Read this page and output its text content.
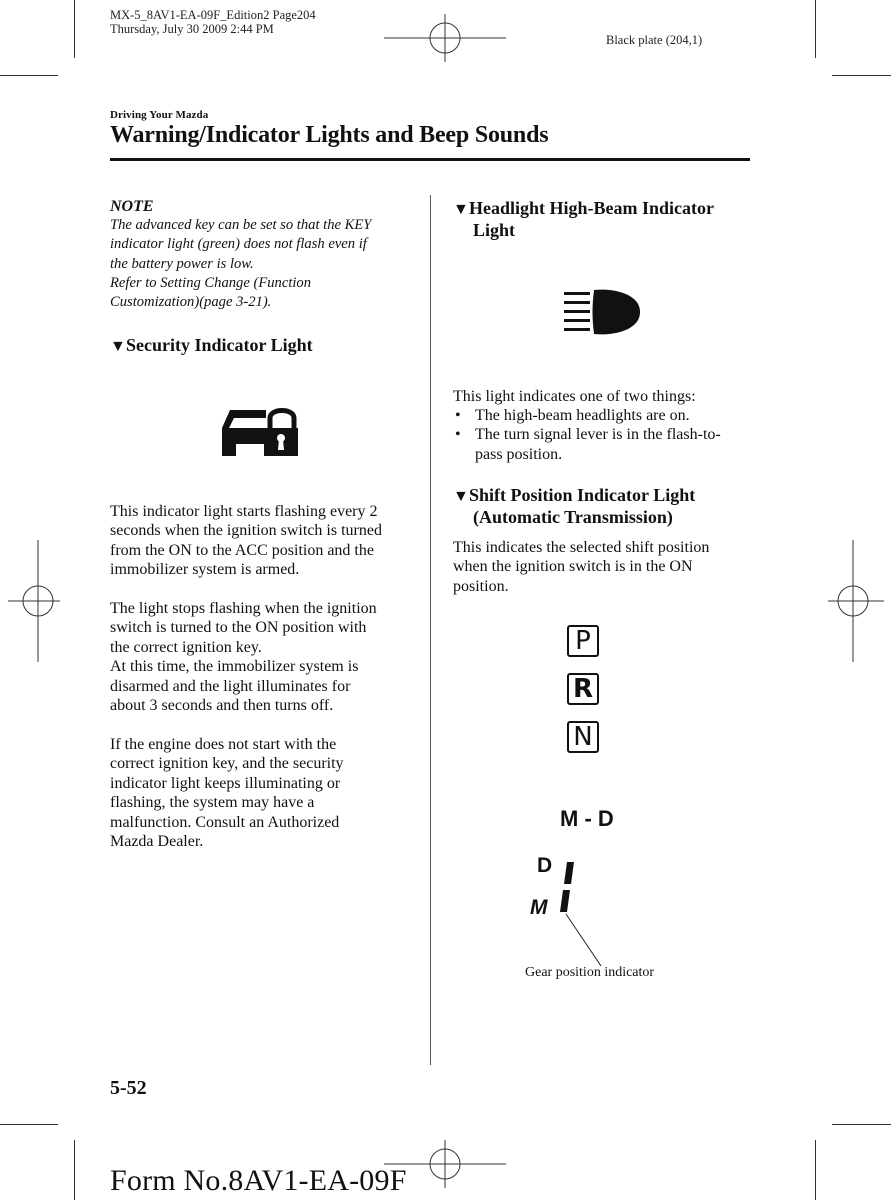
MX-5_8AV1-EA-09F_Edition2 Page204
Thursday, July 30 2009 2:44 PM
Black plate (204,1)
Driving Your Mazda
Warning/Indicator Lights and Beep Sounds
NOTE
The advanced key can be set so that the KEY
indicator light (green) does not flash even if
the battery power is low.
Refer to Setting Change (Function
Customization)(page 3-21).
▼Security Indicator Light
This indicator light starts flashing every 2
seconds when the ignition switch is turned
from the ON to the ACC position and the
immobilizer system is armed.
The light stops flashing when the ignition
switch is turned to the ON position with
the correct ignition key.
At this time, the immobilizer system is
disarmed and the light illuminates for
about 3 seconds and then turns off.
If the engine does not start with the
correct ignition key, and the security
indicator light keeps illuminating or
flashing, the system may have a
malfunction. Consult an Authorized
Mazda Dealer.
▼Headlight High-Beam Indicator
Light
This light indicates one of two things:
• The high-beam headlights are on.
• The turn signal lever is in the flash-to-
pass position.
▼Shift Position Indicator Light
(Automatic Transmission)
This indicates the selected shift position
when the ignition switch is in the ON
position.
P
R
N
M - D
D
M
Gear position indicator
5-52
Form No.8AV1-EA-09F
